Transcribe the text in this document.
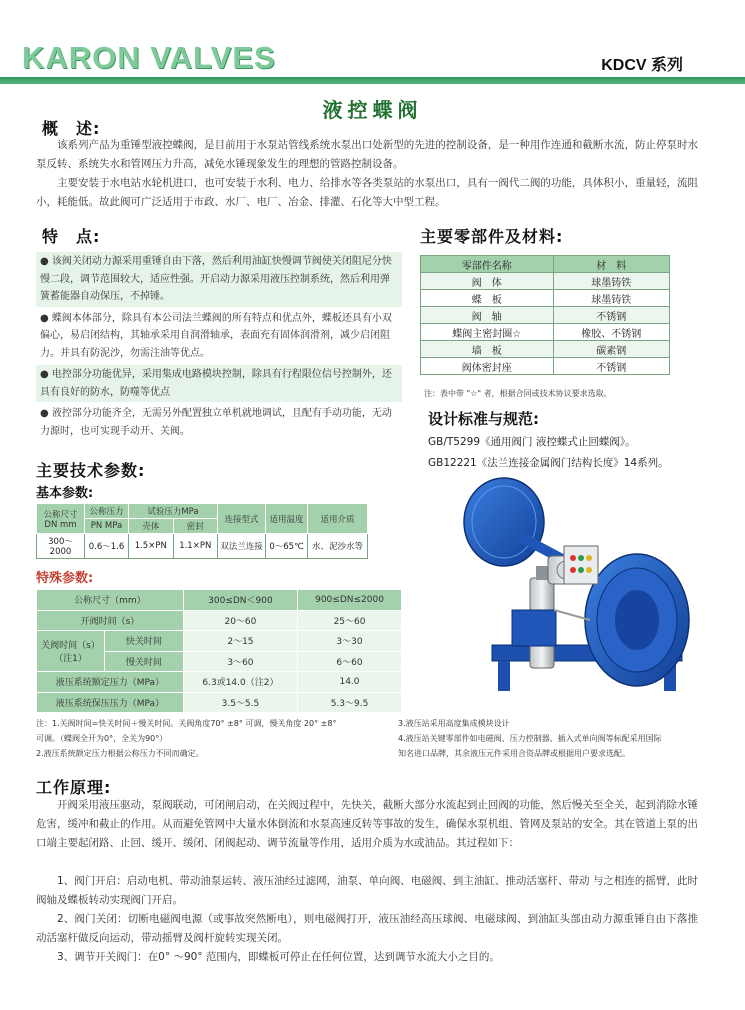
KARON VALVES	KDCV 系列
液控蝶阀
概　述:
该系列产品为重锤型液控蝶阀，是目前用于水泵站管线系统水泵出口处新型的先进的控制设备，是一种用作连通和截断水流，防止停泵时水泵反转、系统失水和管网压力升高，减免水锤现象发生的理想的管路控制设备。
主要安装于水电站水轮机进口，也可安装于水利、电力、给排水等各类泵站的水泵出口，具有一阀代二阀的功能，具体积小，重量轻，流阻小，耗能低。故此阀可广泛适用于市政、水厂、电厂、冶金、排灌、石化等大中型工程。
特　点:
● 该阀关闭动力源采用重锤自由下落，然后利用油缸快慢调节阀使关闭阻尼分快慢二段，调节范围较大，适应性强。开启动力源采用液压控制系统，然后利用弹簧蓄能器自动保压，不掉锤。
● 蝶阀本体部分，除具有本公司法兰蝶阀的所有特点和优点外，蝶板还具有小双偏心，易启闭结构，其轴承采用自润滑轴承，表面充有固体润滑剂，减少启闭阻力。并具有防泥沙，勿需注油等优点。
● 电控部分功能优异，采用集成电路模块控制，除具有行程限位信号控制外，还具有良好的防水，防噬等优点
● 液控部分功能齐全，无需另外配置独立单机就地调试，且配有手动功能，无动力源时，也可实现手动开、关阀。
主要零部件及材料:
零部件名称	材　料
阀　体	球墨铸铁
蝶　板	球墨铸铁
阀　轴	不锈钢
蝶阀主密封圈☆	橡胶、不锈钢
墙　板	碳素钢
阀体密封座	不锈钢
注：表中带 "☆" 者，根据合同或技术协议要求选取。
设计标准与规范:
GB/T5299《通用阀门 液控蝶式止回蝶阀》。
GB12221《法兰连接金属阀门结构长度》14系列。
主要技术参数:
基本参数:
公称尺寸 DN mm	公称压力	试验压力MPa		连接型式	适用温度	适用介质
	PN MPa	壳体	密封			
300～2000	0.6～1.6	1.5×PN	1.1×PN	双法兰连接	0～65℃	水、泥沙水等
特殊参数:
公称尺寸（mm）		300≤DN＜900	900≤DN≤2000
开阀时间（s）		20～60	25～60

关阀时间（s）
（注1）	快关时间	2～15	3～30
	慢关时间	3～60	6～60
液压系统额定压力（MPa）		6.3或14.0（注2）	14.0
液压系统保压压力（MPa）		3.5～5.5	5.3～9.5
注：1.关阀时间=快关时间＋慢关时间。关阀角度70° ±8° 可调，慢关角度 20° ±8°
可调。（蝶阀全开为0°，全关为90°）
2.液压系统额定压力根据公称压力不同而确定。
3.液压站采用高度集成模块设计
4.液压站关键零部件如电磁阀、压力控制器、插入式单向阀等标配采用国际
知名进口品牌，其余液压元件采用合资品牌或根据用户要求选配。
工作原理:
开阀采用液压驱动，泵阀联动，可闭闸启动，在关阀过程中，先快关，截断大部分水流起到止回阀的功能，然后慢关至全关，起到消除水锤危害，缓冲和截止的作用。从而避免管网中大量水体倒流和水泵高速反转等事故的发生，确保水泵机组、管网及泵站的安全。其在管道上泵的出口端主要起闭路、止回、缓开、缓闭、闭阀起动、调节流量等作用，适用介质为水或油品。其过程如下：
1、阀门开启：启动电机、带动油泵运转、液压油经过滤网，油泵、单向阀、电磁阀、到主油缸、推动活塞杆、带动 与之相连的摇臂，此时阀轴及蝶板转动实现阀门开启。
2、阀门关闭：切断电磁阀电源（或事故突然断电），则电磁阀打开，液压油经高压球阀、电磁球阀、到油缸头部由动力源重锤自由下落推动活塞杆做反向运动，带动摇臂及阀杆旋转实现关闭。
3、调节开关阀门：在0° ～90° 范围内，即蝶板可停止在任何位置，达到调节水流大小之目的。
